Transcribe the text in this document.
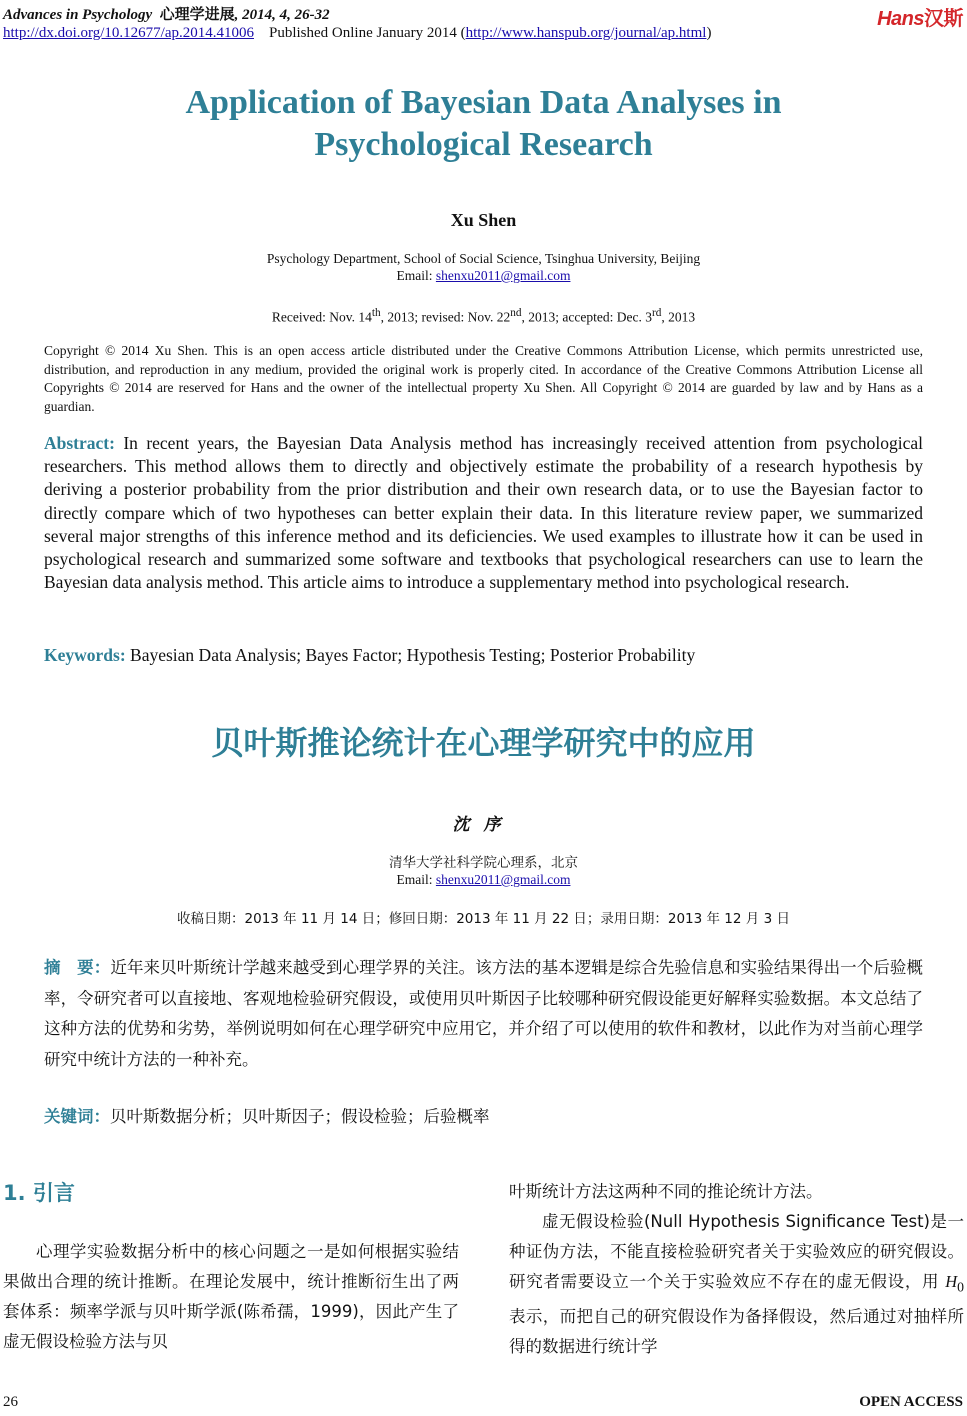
Advances in Psychology 心理学进展, 2014, 4, 26-32
http://dx.doi.org/10.12677/ap.2014.41006 Published Online January 2014 (http://www.hanspub.org/journal/ap.html)
Hans汉斯
Application of Bayesian Data Analyses in
Psychological Research
Xu Shen
Psychology Department, School of Social Science, Tsinghua University, Beijing
Email: shenxu2011@gmail.com
Received: Nov. 14th, 2013; revised: Nov. 22nd, 2013; accepted: Dec. 3rd, 2013
Copyright © 2014 Xu Shen. This is an open access article distributed under the Creative Commons Attribution License, which permits unrestricted use, distribution, and reproduction in any medium, provided the original work is properly cited. In accordance of the Creative Commons Attribution License all Copyrights © 2014 are reserved for Hans and the owner of the intellectual property Xu Shen. All Copyright © 2014 are guarded by law and by Hans as a guardian.
Abstract: In recent years, the Bayesian Data Analysis method has increasingly received attention from psychological researchers. This method allows them to directly and objectively estimate the probability of a research hypothesis by deriving a posterior probability from the prior distribution and their own research data, or to use the Bayesian factor to directly compare which of two hypotheses can better explain their data. In this literature review paper, we summarized several major strengths of this inference method and its deficiencies. We used examples to illustrate how it can be used in psychological research and summarized some software and textbooks that psychological researchers can use to learn the Bayesian data analysis method. This article aims to introduce a supplementary method into psychological research.
Keywords: Bayesian Data Analysis; Bayes Factor; Hypothesis Testing; Posterior Probability
贝叶斯推论统计在心理学研究中的应用
沈序
清华大学社科学院心理系，北京
Email: shenxu2011@gmail.com
收稿日期：2013 年 11 月 14 日；修回日期：2013 年 11 月 22 日；录用日期：2013 年 12 月 3 日
摘　要：近年来贝叶斯统计学越来越受到心理学界的关注。该方法的基本逻辑是综合先验信息和实验结果得出一个后验概率，令研究者可以直接地、客观地检验研究假设，或使用贝叶斯因子比较哪种研究假设能更好解释实验数据。本文总结了这种方法的优势和劣势，举例说明如何在心理学研究中应用它，并介绍了可以使用的软件和教材，以此作为对当前心理学研究中统计方法的一种补充。
关键词：贝叶斯数据分析；贝叶斯因子；假设检验；后验概率
1. 引言
心理学实验数据分析中的核心问题之一是如何根据实验结果做出合理的统计推断。在理论发展中，统计推断衍生出了两套体系：频率学派与贝叶斯学派(陈希孺，1999)，因此产生了虚无假设检验方法与贝
叶斯统计方法这两种不同的推论统计方法。
虚无假设检验(Null Hypothesis Significance Test)是一种证伪方法，不能直接检验研究者关于实验效应的研究假设。研究者需要设立一个关于实验效应不存在的虚无假设，用 $H_0$ 表示，而把自己的研究假设作为备择假设，然后通过对抽样所得的数据进行统计学
26	OPEN ACCESS
